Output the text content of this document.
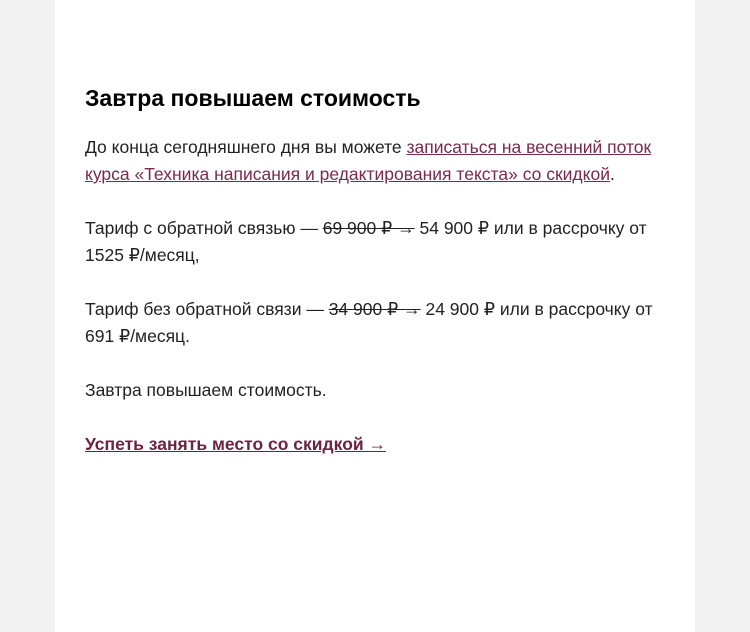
Завтра повышаем стоимость

До конца сегодняшнего дня вы можете записаться на весенний поток курса «Техника написания и редактирования текста» со скидкой.

Тариф с обратной связью — 69 900 ₽ → 54 900 ₽ или в рассрочку от 1525 ₽/месяц,

Тариф без обратной связи — 34 900 ₽ → 24 900 ₽ или в рассрочку от 691 ₽/месяц.

Завтра повышаем стоимость.

Успеть занять место со скидкой →
